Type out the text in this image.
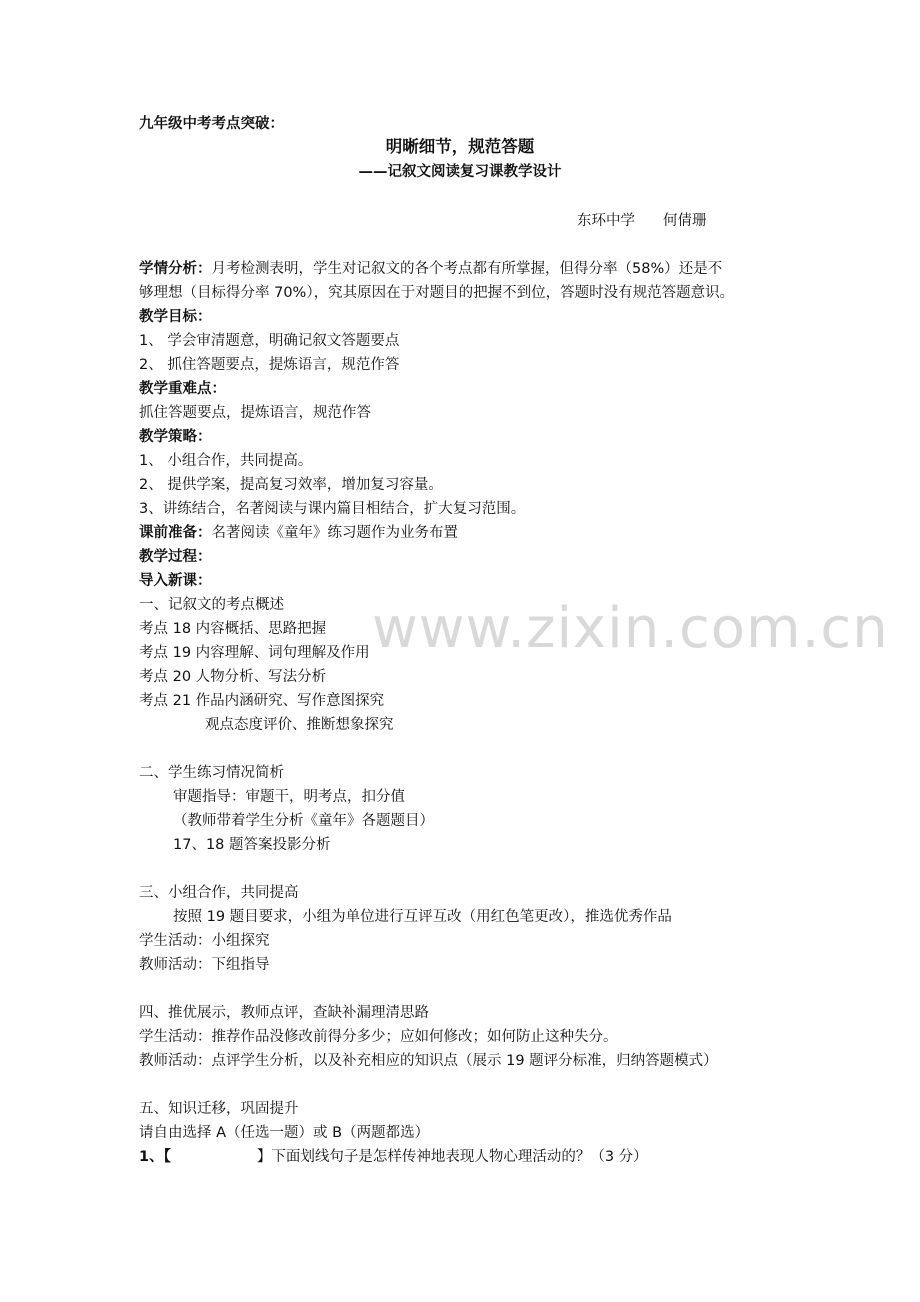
九年级中考考点突破：
明晰细节，规范答题
——记叙文阅读复习课教学设计
东环中学 何倩珊
学情分析：月考检测表明，学生对记叙文的各个考点都有所掌握，但得分率（58%）还是不
够理想（目标得分率 70%），究其原因在于对题目的把握不到位，答题时没有规范答题意识。
教学目标：
1、 学会审清题意，明确记叙文答题要点
2、 抓住答题要点，提炼语言，规范作答
教学重难点：
抓住答题要点，提炼语言，规范作答
教学策略：
1、 小组合作，共同提高。
2、 提供学案，提高复习效率，增加复习容量。
3、讲练结合，名著阅读与课内篇目相结合，扩大复习范围。
课前准备：名著阅读《童年》练习题作为业务布置
教学过程：
导入新课：
一、记叙文的考点概述
考点 18 内容概括、思路把握
考点 19 内容理解、词句理解及作用
考点 20 人物分析、写法分析
考点 21 作品内涵研究、写作意图探究
观点态度评价、推断想象探究
二、学生练习情况简析
审题指导：审题干，明考点，扣分值
（教师带着学生分析《童年》各题题目）
17、18 题答案投影分析
三、小组合作，共同提高
按照 19 题目要求，小组为单位进行互评互改（用红色笔更改），推选优秀作品
学生活动：小组探究
教师活动：下组指导
四、推优展示，教师点评，查缺补漏理清思路
学生活动：推荐作品没修改前得分多少；应如何修改；如何防止这种失分。
教师活动：点评学生分析，以及补充相应的知识点（展示 19 题评分标准，归纳答题模式）
五、知识迁移，巩固提升
请自由选择 A（任选一题）或 B（两题都选）
1、【	】下面划线句子是怎样传神地表现人物心理活动的？（3 分）
www.zixin.com.cn
